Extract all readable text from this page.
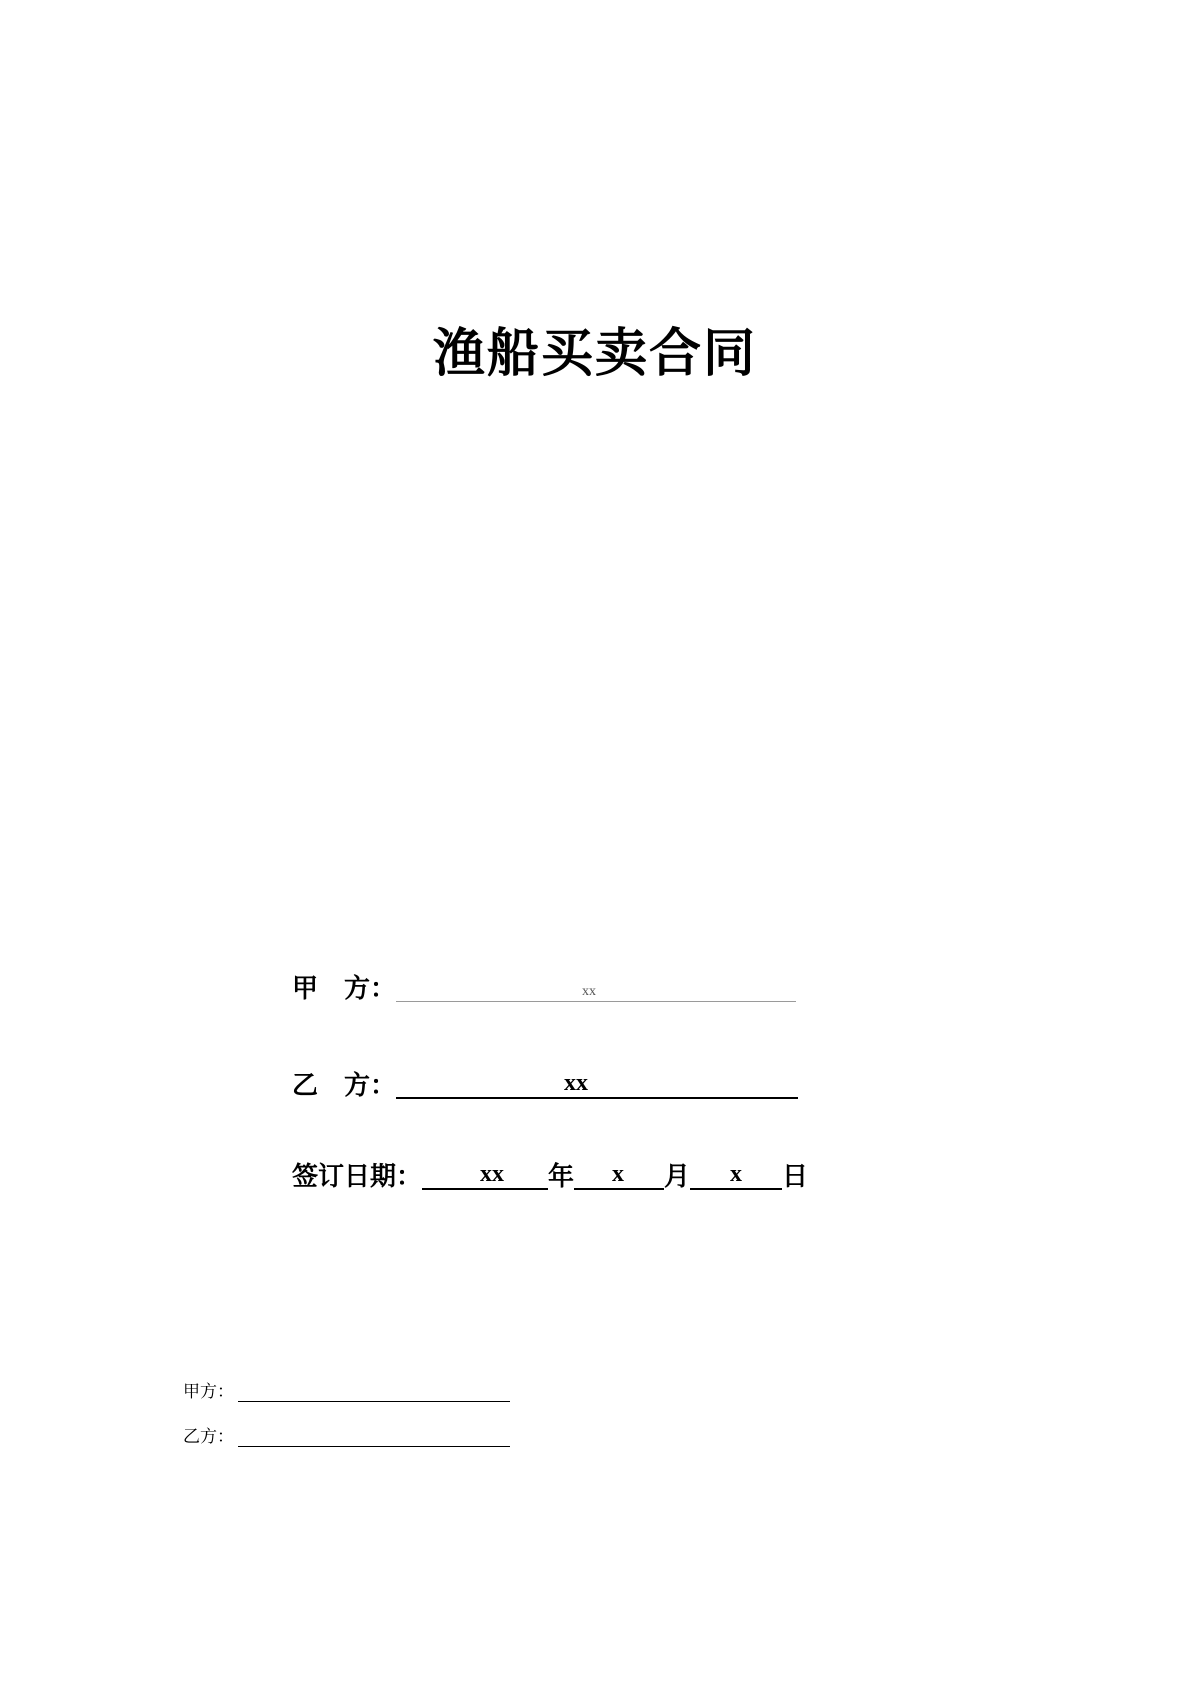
渔船买卖合同
甲　方：	xx
乙　方：	xx
签订日期： xx 年 x 月 x 日
甲方：
乙方：
